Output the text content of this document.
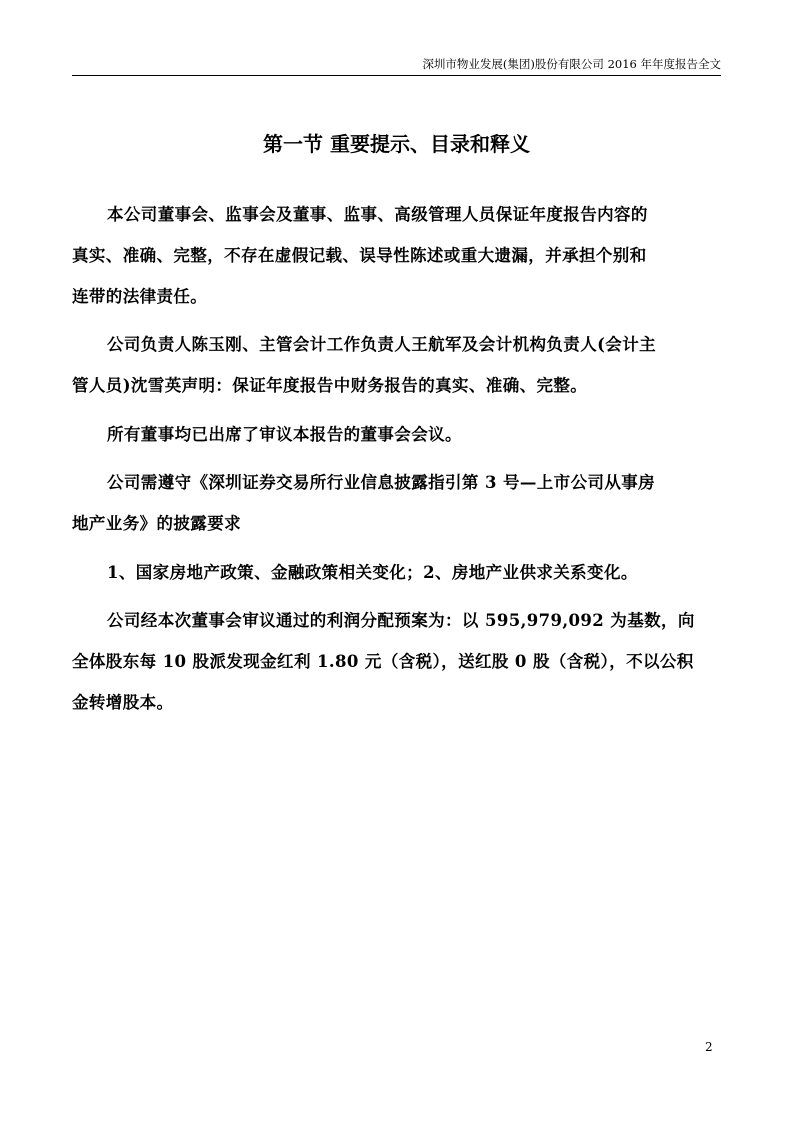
深圳市物业发展(集团)股份有限公司 2016 年年度报告全文
第一节 重要提示、目录和释义
本公司董事会、监事会及董事、监事、高级管理人员保证年度报告内容的
真实、准确、完整，不存在虚假记载、误导性陈述或重大遗漏，并承担个别和
连带的法律责任。
公司负责人陈玉刚、主管会计工作负责人王航军及会计机构负责人(会计主
管人员)沈雪英声明：保证年度报告中财务报告的真实、准确、完整。
所有董事均已出席了审议本报告的董事会会议。
公司需遵守《深圳证券交易所行业信息披露指引第 3 号—上市公司从事房
地产业务》的披露要求
1、国家房地产政策、金融政策相关变化；2、房地产业供求关系变化。
公司经本次董事会审议通过的利润分配预案为：以 595,979,092 为基数，向
全体股东每 10 股派发现金红利 1.80 元（含税），送红股 0 股（含税），不以公积
金转增股本。
2
